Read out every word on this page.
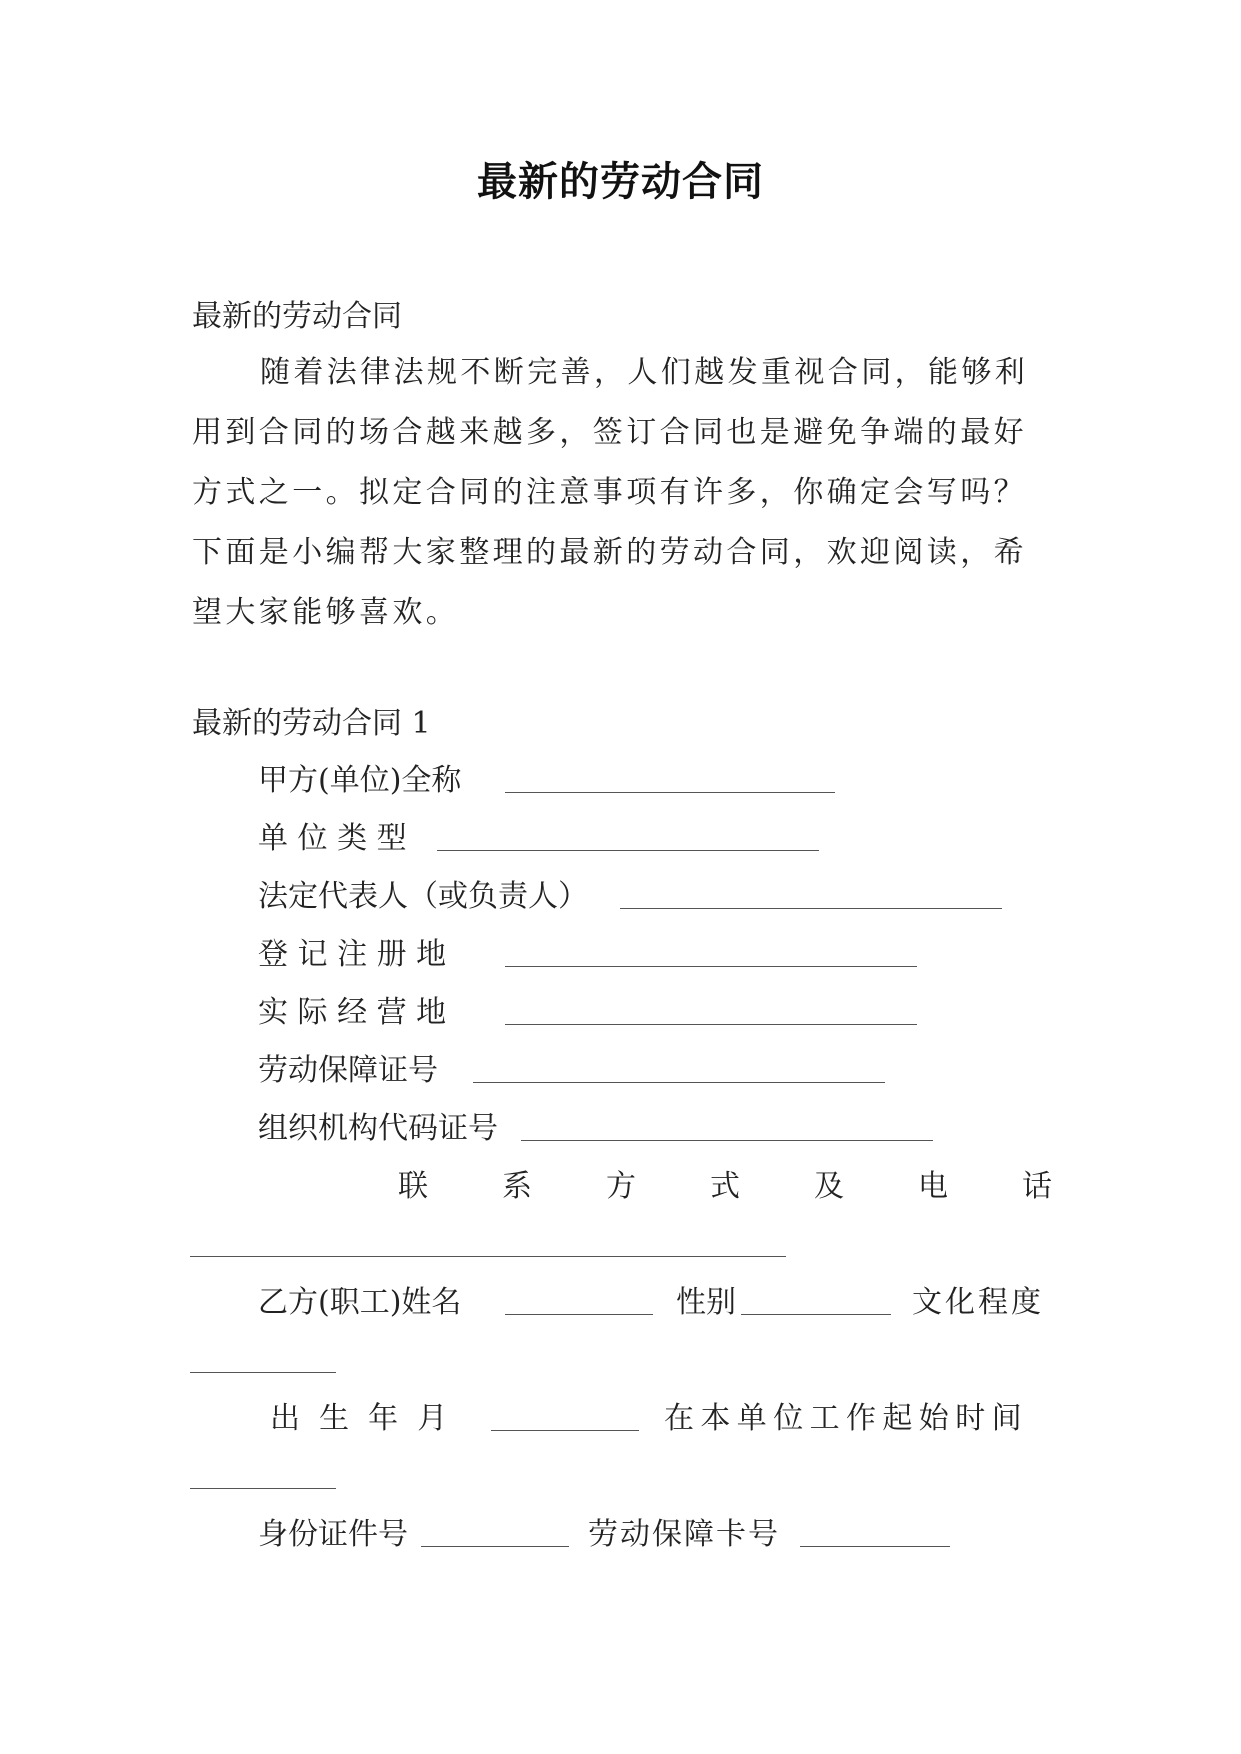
最新的劳动合同
最新的劳动合同
随着法律法规不断完善，人们越发重视合同，能够利用到合同的场合越来越多，签订合同也是避免争端的最好方式之一。拟定合同的注意事项有许多，你确定会写吗？下面是小编帮大家整理的最新的劳动合同，欢迎阅读，希望大家能够喜欢。
最新的劳动合同 1
甲方(单位)全称
单 位 类 型
法定代表人（或负责人）
登 记 注 册 地
实 际 经 营 地
劳动保障证号
组织机构代码证号
联 系 方 式 及 电 话
乙方(职工)姓名	性别	文化程度
出  生  年  月	在本单位工作起始时间
身份证件号	劳动保障卡号
